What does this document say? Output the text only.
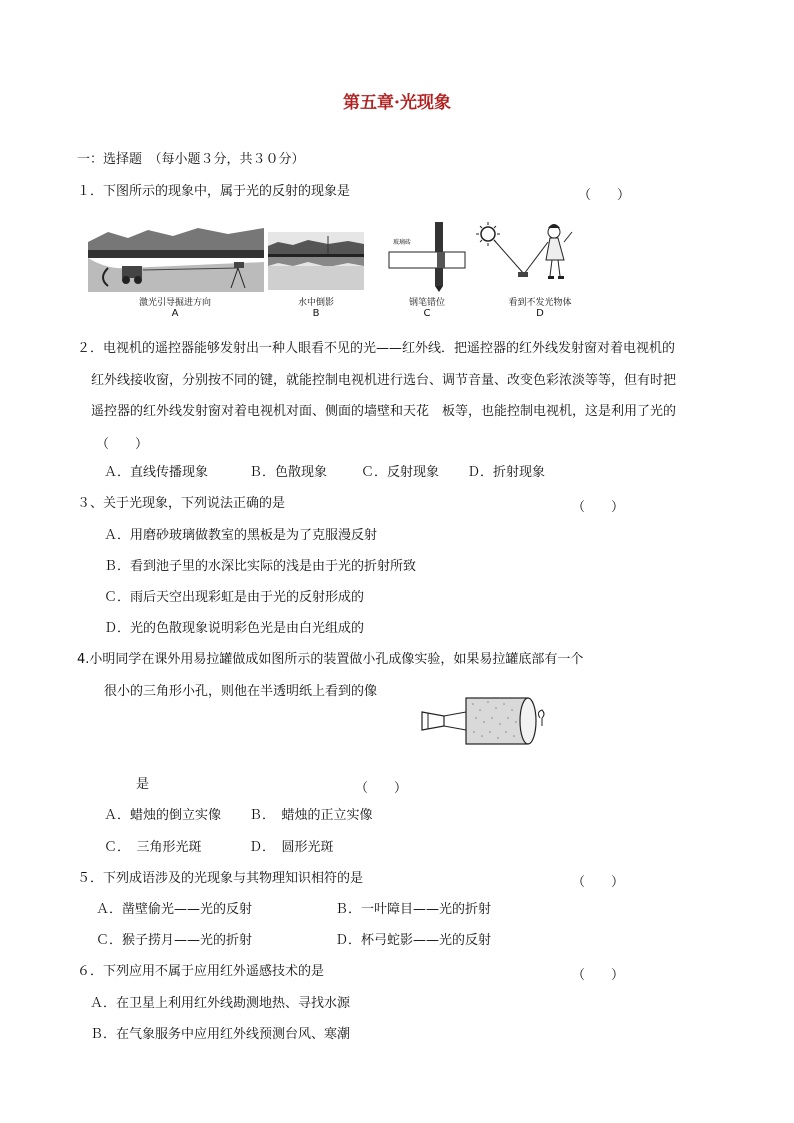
第五章·光现象
一：选择题　（每小题３分，共３０分）
１．下图所示的现象中，属于光的反射的现象是	（　　）
激光引导掘进方向
A
水中倒影
B
玻璃砖
钢笔错位
C
看到不发光物体
D
２．电视机的遥控器能够发射出一种人眼看不见的光——红外线．把遥控器的红外线发射窗对着电视机的
红外线接收窗，分别按不同的键，就能控制电视机进行选台、调节音量、改变色彩浓淡等等，但有时把
遥控器的红外线发射窗对着电视机对面、侧面的墙壁和天花　板等，也能控制电视机，这是利用了光的
（　　）
Ａ．直线传播现象	Ｂ．色散现象	Ｃ．反射现象 Ｄ．折射现象
３、关于光现象，下列说法正确的是	（　　）
Ａ．用磨砂玻璃做教室的黑板是为了克服漫反射
Ｂ．看到池子里的水深比实际的浅是由于光的折射所致
Ｃ．雨后天空出现彩虹是由于光的反射形成的
Ｄ．光的色散现象说明彩色光是由白光组成的
4.小明同学在课外用易拉罐做成如图所示的装置做小孔成像实验，如果易拉罐底部有一个
很小的三角形小孔，则他在半透明纸上看到的像
是	（　　）
Ａ．蜡烛的倒立实像 Ｂ．　蜡烛的正立实像
Ｃ．　三角形光斑	Ｄ．　圆形光斑
５．下列成语涉及的光现象与其物理知识相符的是	（　　）
Ａ．凿壁偷光——光的反射	Ｂ．一叶障目——光的折射
Ｃ．猴子捞月——光的折射	Ｄ．杯弓蛇影——光的反射
６．下列应用不属于应用红外遥感技术的是	（　　）
Ａ．在卫星上利用红外线勘测地热、寻找水源
Ｂ．在气象服务中应用红外线预测台风、寒潮
